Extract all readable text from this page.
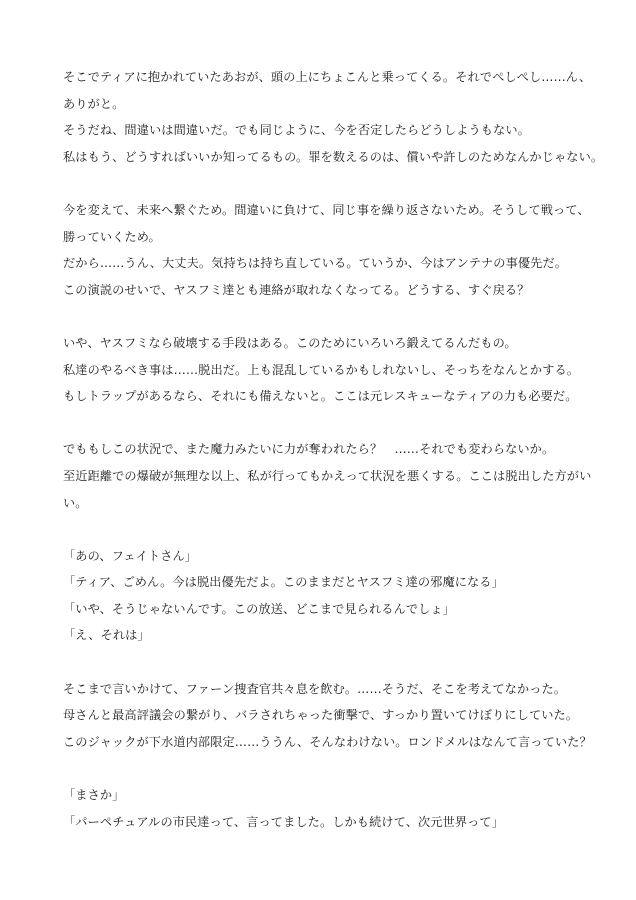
そこでティアに抱かれていたあおが、頭の上にちょこんと乗ってくる。それでぺしぺし……ん、
ありがと。
そうだね、間違いは間違いだ。でも同じように、今を否定したらどうしようもない。
私はもう、どうすればいいか知ってるもの。罪を数えるのは、償いや許しのためなんかじゃない。
今を変えて、未来へ繋ぐため。間違いに負けて、同じ事を繰り返さないため。そうして戦って、
勝っていくため。
だから……うん、大丈夫。気持ちは持ち直している。ていうか、今はアンテナの事優先だ。
この演説のせいで、ヤスフミ達とも連絡が取れなくなってる。どうする、すぐ戻る？
いや、ヤスフミなら破壊する手段はある。このためにいろいろ鍛えてるんだもの。
私達のやるべき事は……脱出だ。上も混乱しているかもしれないし、そっちをなんとかする。
もしトラップがあるなら、それにも備えないと。ここは元レスキューなティアの力も必要だ。
でももしこの状況で、また魔力みたいに力が奪われたら？　……それでも変わらないか。
至近距離での爆破が無理な以上、私が行ってもかえって状況を悪くする。ここは脱出した方がい
い。
「あの、フェイトさん」
「ティア、ごめん。今は脱出優先だよ。このままだとヤスフミ達の邪魔になる」
「いや、そうじゃないんです。この放送、どこまで見られるんでしょ」
「え、それは」
そこまで言いかけて、ファーン捜査官共々息を飲む。……そうだ、そこを考えてなかった。
母さんと最高評議会の繋がり、バラされちゃった衝撃で、すっかり置いてけぼりにしていた。
このジャックが下水道内部限定……ううん、そんなわけない。ロンドメルはなんて言っていた？
「まさか」
「パーペチュアルの市民達って、言ってました。しかも続けて、次元世界って」
